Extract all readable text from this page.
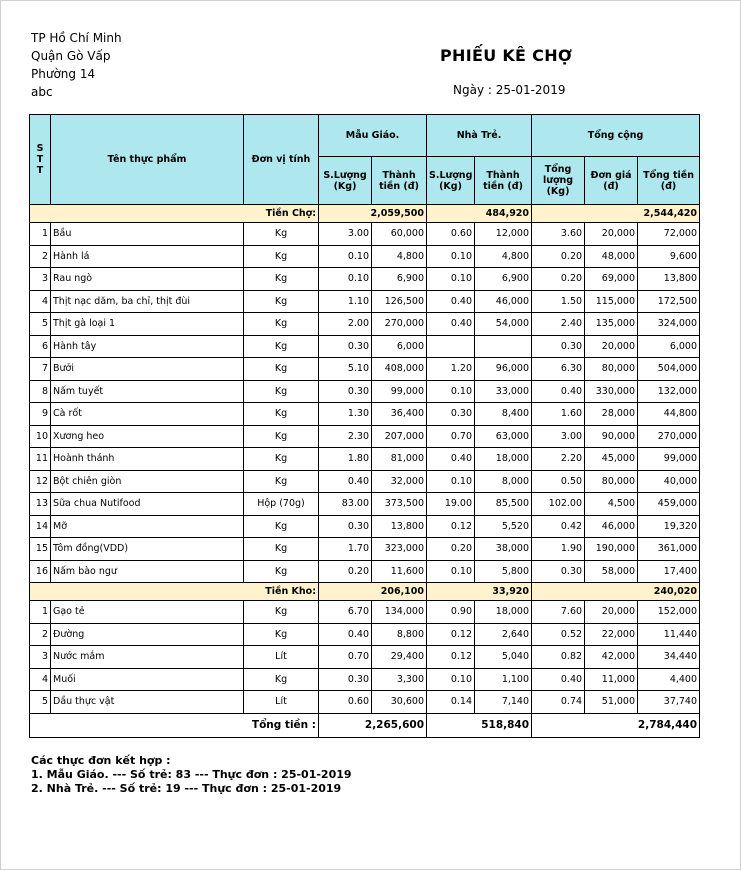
TP Hồ Chí Minh
Quận Gò Vấp
Phường 14
abc
PHIẾU KÊ CHỢ
Ngày : 25-01-2019
S T T	Tên thực phẩm	Đơn vị tính	Mẫu Giáo.		Nhà Trẻ.		Tổng cộng		
			S.Lượng (Kg)	Thành tiền (đ)	S.Lượng (Kg)	Thành tiền (đ)	Tổng lượng (Kg)	Đơn giá (đ)	Tổng tiền (đ)
Tiền Chợ:			2,059,500		484,920		2,544,420		
1	Bầu	Kg	3.00	60,000	0.60	12,000	3.60	20,000	72,000
2	Hành lá	Kg	0.10	4,800	0.10	4,800	0.20	48,000	9,600
3	Rau ngò	Kg	0.10	6,900	0.10	6,900	0.20	69,000	13,800
4	Thịt nạc dăm, ba chỉ, thịt đùi	Kg	1.10	126,500	0.40	46,000	1.50	115,000	172,500
5	Thịt gà loại 1	Kg	2.00	270,000	0.40	54,000	2.40	135,000	324,000
6	Hành tây	Kg	0.30	6,000			0.30	20,000	6,000
7	Bưởi	Kg	5.10	408,000	1.20	96,000	6.30	80,000	504,000
8	Nấm tuyết	Kg	0.30	99,000	0.10	33,000	0.40	330,000	132,000
9	Cà rốt	Kg	1.30	36,400	0.30	8,400	1.60	28,000	44,800
10	Xương heo	Kg	2.30	207,000	0.70	63,000	3.00	90,000	270,000
11	Hoành thánh	Kg	1.80	81,000	0.40	18,000	2.20	45,000	99,000
12	Bột chiên giòn	Kg	0.40	32,000	0.10	8,000	0.50	80,000	40,000
13	Sữa chua Nutifood	Hộp (70g)	83.00	373,500	19.00	85,500	102.00	4,500	459,000
14	Mỡ	Kg	0.30	13,800	0.12	5,520	0.42	46,000	19,320
15	Tôm đồng(VDD)	Kg	1.70	323,000	0.20	38,000	1.90	190,000	361,000
16	Nấm bào ngư	Kg	0.20	11,600	0.10	5,800	0.30	58,000	17,400
Tiền Kho:			206,100		33,920		240,020		
1	Gạo tẻ	Kg	6.70	134,000	0.90	18,000	7.60	20,000	152,000
2	Đường	Kg	0.40	8,800	0.12	2,640	0.52	22,000	11,440
3	Nước mắm	Lít	0.70	29,400	0.12	5,040	0.82	42,000	34,440
4	Muối	Kg	0.30	3,300	0.10	1,100	0.40	11,000	4,400
5	Dầu thực vật	Lít	0.60	30,600	0.14	7,140	0.74	51,000	37,740
Tổng tiền :			2,265,600		518,840		2,784,440		
Các thực đơn kết hợp :
1. Mẫu Giáo. --- Số trẻ: 83 --- Thực đơn : 25-01-2019
2. Nhà Trẻ. --- Số trẻ: 19 --- Thực đơn : 25-01-2019
